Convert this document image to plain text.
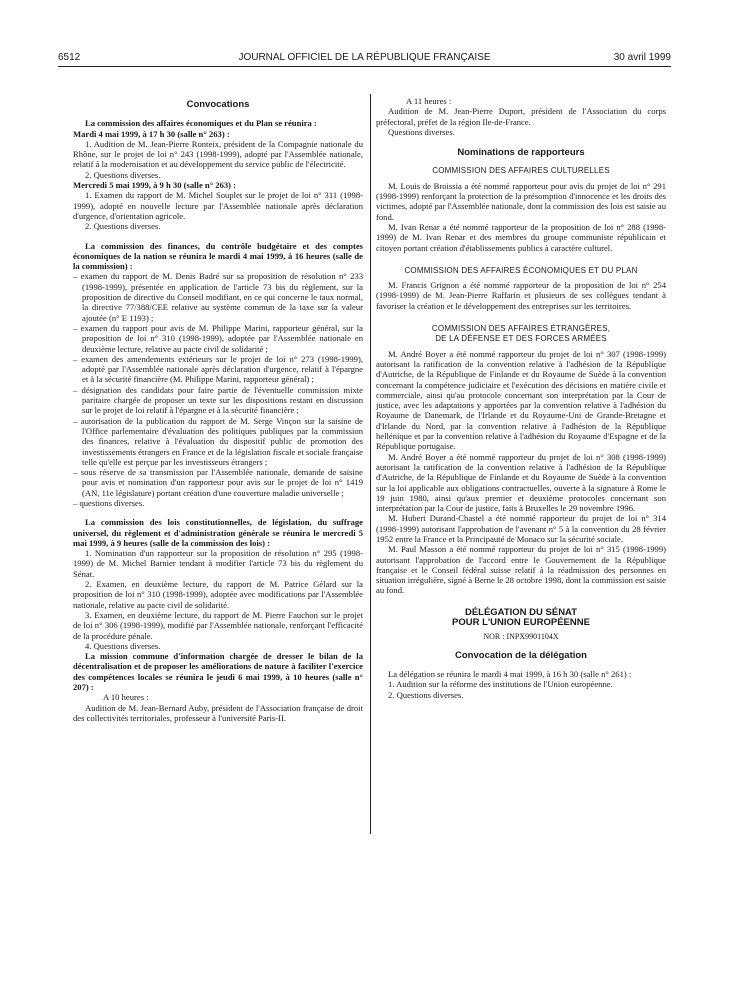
6512	JOURNAL OFFICIEL DE LA RÉPUBLIQUE FRANÇAISE	30 avril 1999

Convocations

La commission des affaires économiques et du Plan se réunira :

Mardi 4 mai 1999, à 17 h 30 (salle n° 263) :

1. Audition de M. Jean-Pierre Ronteix, président de la Compagnie nationale du Rhône, sur le projet de loi n° 243 (1998-1999), adopté par l'Assemblée nationale, relatif à la modernisation et au développement du service public de l'électricité.

2. Questions diverses.

Mercredi 5 mai 1999, à 9 h 30 (salle n° 263) :

1. Examen du rapport de M. Michel Souplet sur le projet de loi n° 311 (1998-1999), adopté en nouvelle lecture par l'Assemblée nationale après déclaration d'urgence, d'orientation agricole.

2. Questions diverses.

La commission des finances, du contrôle budgétaire et des comptes économiques de la nation se réunira le mardi 4 mai 1999, à 16 heures (salle de la commission) :

– examen du rapport de M. Denis Badré sur sa proposition de résolution n° 233 (1998-1999), présentée en application de l'article 73 bis du règlement, sur la proposition de directive du Conseil modifiant, en ce qui concerne le taux normal, la directive 77/388/CEE relative au système commun de la taxe sur la valeur ajoutée (n° E 1193) ;
– examen du rapport pour avis de M. Philippe Marini, rapporteur général, sur la proposition de loi n° 310 (1998-1999), adoptée par l'Assemblée nationale en deuxième lecture, relative au pacte civil de solidarité ;
– examen des amendements extérieurs sur le projet de loi n° 273 (1998-1999), adopté par l'Assemblée nationale après déclaration d'urgence, relatif à l'épargne et à la sécurité financière (M. Philippe Marini, rapporteur général) ;
– désignation des candidats pour faire partie de l'éventuelle commission mixte paritaire chargée de proposer un texte sur les dispositions restant en discussion sur le projet de loi relatif à l'épargne et à la sécurité financière ;
– autorisation de la publication du rapport de M. Serge Vinçon sur la saisine de l'Office parlementaire d'évaluation des politiques publiques par la commission des finances, relative à l'évaluation du dispositif public de promotion des investissements étrangers en France et de la législation fiscale et sociale française telle qu'elle est perçue par les investisseurs étrangers ;
– sous réserve de sa transmission par l'Assemblée nationale, demande de saisine pour avis et nomination d'un rapporteur pour avis sur le projet de loi n° 1419 (AN, 11e législature) portant création d'une couverture maladie universelle ;
– questions diverses.

La commission des lois constitutionnelles, de législation, du suffrage universel, du règlement et d'administration générale se réunira le mercredi 5 mai 1999, à 9 heures (salle de la commission des lois) :

1. Nomination d'un rapporteur sur la proposition de résolution n° 295 (1998-1999) de M. Michel Barnier tendant à modifier l'article 73 bis du règlement du Sénat.

2. Examen, en deuxième lecture, du rapport de M. Patrice Gélard sur la proposition de loi n° 310 (1998-1999), adoptée avec modifications par l'Assemblée nationale, relative au pacte civil de solidarité.

3. Examen, en deuxième lecture, du rapport de M. Pierre Fauchon sur le projet de loi n° 306 (1998-1999), modifié par l'Assemblée nationale, renforçant l'efficacité de la procédure pénale.

4. Questions diverses.

La mission commune d'information chargée de dresser le bilan de la décentralisation et de proposer les améliorations de nature à faciliter l'exercice des compétences locales se réunira le jeudi 6 mai 1999, à 10 heures (salle n° 207) :

A 10 heures :

Audition de M. Jean-Bernard Auby, président de l'Association française de droit des collectivités territoriales, professeur à l'université Paris-II.

A 11 heures :

Audition de M. Jean-Pierre Duport, président de l'Association du corps préfectoral, préfet de la région Ile-de-France.

Questions diverses.

Nominations de rapporteurs

COMMISSION DES AFFAIRES CULTURELLES

M. Louis de Broissia a été nommé rapporteur pour avis du projet de loi n° 291 (1998-1999) renforçant la protection de la présomption d'innocence et les droits des victimes, adopté par l'Assemblée nationale, dont la commission des lois est saisie au fond.

M. Ivan Renar a été nommé rapporteur de la proposition de loi n° 288 (1998-1999) de M. Ivan Renar et des membres du groupe communiste républicain et citoyen portant création d'établissements publics à caractère culturel.

COMMISSION DES AFFAIRES ÉCONOMIQUES ET DU PLAN

M. Francis Grignon a été nommé rapporteur de la proposition de loi n° 254 (1998-1999) de M. Jean-Pierre Raffarin et plusieurs de ses collègues tendant à favoriser la création et le développement des entreprises sur les territoires.

COMMISSION DES AFFAIRES ÉTRANGÈRES,

DE LA DÉFENSE ET DES FORCES ARMÉES

M. André Boyer a été nommé rapporteur du projet de loi n° 307 (1998-1999) autorisant la ratification de la convention relative à l'adhésion de la République d'Autriche, de la République de Finlande et du Royaume de Suède à la convention concernant la compétence judiciaire et l'exécution des décisions en matière civile et commerciale, ainsi qu'au protocole concernant son interprétation par la Cour de justice, avec les adaptations y apportées par la convention relative à l'adhésion du Royaume de Danemark, de l'Irlande et du Royaume-Uni de Grande-Bretagne et d'Irlande du Nord, par la convention relative à l'adhésion de la République hellénique et par la convention relative à l'adhésion du Royaume d'Espagne et de la République portugaise.

M. André Boyer a été nommé rapporteur du projet de loi n° 308 (1998-1999) autorisant la ratification de la convention relative à l'adhésion de la République d'Autriche, de la République de Finlande et du Royaume de Suède à la convention sur la loi applicable aux obligations contractuelles, ouverte à la signature à Rome le 19 juin 1980, ainsi qu'aux premier et deuxième protocoles concernant son interprétation par la Cour de justice, faits à Bruxelles le 29 novembre 1996.

M. Hubert Durand-Chastel a été nommé rapporteur du projet de loi n° 314 (1998-1999) autorisant l'approbation de l'avenant n° 5 à la convention du 28 février 1952 entre la France et la Principauté de Monaco sur la sécurité sociale.

M. Paul Masson a été nommé rapporteur du projet de loi n° 315 (1998-1999) autorisant l'approbation de l'accord entre le Gouvernement de la République française et le Conseil fédéral suisse relatif à la réadmission des personnes en situation irrégulière, signé à Berne le 28 octobre 1998, dont la commission est saisie au fond.

DÉLÉGATION DU SÉNAT

POUR L'UNION EUROPÉENNE

NOR : INPX9901104X

Convocation de la délégation

La délégation se réunira le mardi 4 mai 1999, à 16 h 30 (salle n° 261) :

1. Audition sur la réforme des institutions de l'Union européenne.

2. Questions diverses.
